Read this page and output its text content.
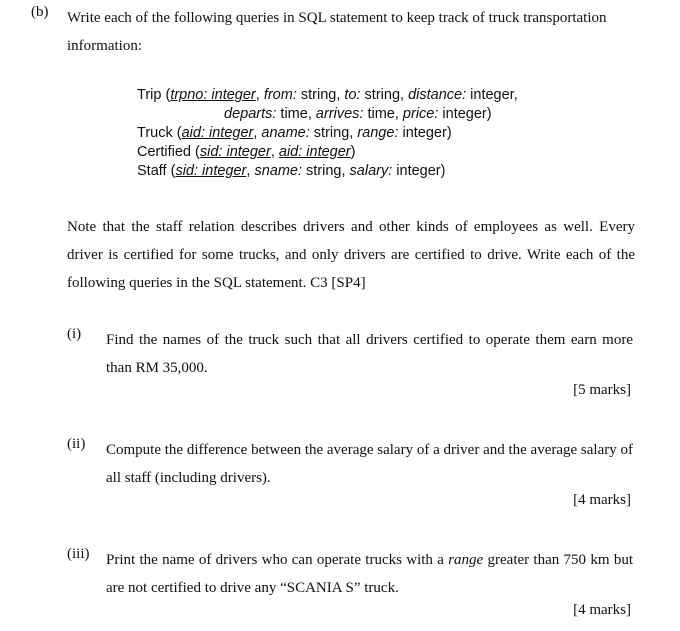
(b) Write each of the following queries in SQL statement to keep track of truck transportation information:
Trip (trpno: integer, from: string, to: string, distance: integer,
departs: time, arrives: time, price: integer)
Truck (aid: integer, aname: string, range: integer)
Certified (sid: integer, aid: integer)
Staff (sid: integer, sname: string, salary: integer)
Note that the staff relation describes drivers and other kinds of employees as well. Every driver is certified for some trucks, and only drivers are certified to drive. Write each of the following queries in the SQL statement. C3 [SP4]
(i) Find the names of the truck such that all drivers certified to operate them earn more than RM 35,000.
[5 marks]
(ii) Compute the difference between the average salary of a driver and the average salary of all staff (including drivers).
[4 marks]
(iii) Print the name of drivers who can operate trucks with a range greater than 750 km but are not certified to drive any “SCANIA S” truck.
[4 marks]
